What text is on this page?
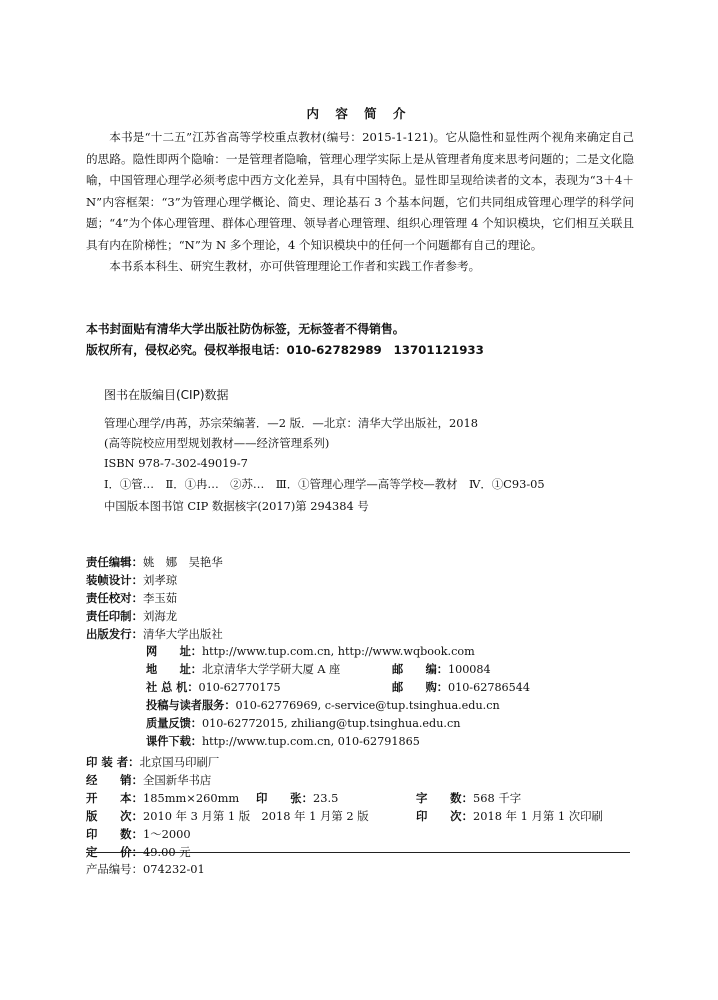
内 容 简 介

本书是“十二五”江苏省高等学校重点教材(编号：2015-1-121)。它从隐性和显性两个视角来确定自己的思路。隐性即两个隐喻：一是管理者隐喻，管理心理学实际上是从管理者角度来思考问题的；二是文化隐喻，中国管理心理学必须考虑中西方文化差异，具有中国特色。显性即呈现给读者的文本，表现为“3＋4＋N”内容框架：“3”为管理心理学概论、简史、理论基石 3 个基本问题，它们共同组成管理心理学的科学问题；“4”为个体心理管理、群体心理管理、领导者心理管理、组织心理管理 4 个知识模块，它们相互关联且具有内在阶梯性；“N”为 N 多个理论，4 个知识模块中的任何一个问题都有自己的理论。

本书系本科生、研究生教材，亦可供管理理论工作者和实践工作者参考。

本书封面贴有清华大学出版社防伪标签，无标签者不得销售。
版权所有，侵权必究。侵权举报电话：010-62782989　13701121933
图书在版编目(CIP)数据
管理心理学/冉苒，苏宗荣编著．—2 版．—北京：清华大学出版社，2018
(高等院校应用型规划教材——经济管理系列)
ISBN 978-7-302-49019-7
Ⅰ．①管…　Ⅱ．①冉…　②苏…　Ⅲ．①管理心理学—高等学校—教材　Ⅳ．①C93-05
中国版本图书馆 CIP 数据核字(2017)第 294384 号
责任编辑：姚　娜　吴艳华
装帧设计：刘孝琼
责任校对：李玉茹
责任印制：刘海龙
出版发行：清华大学出版社
网　　址：http://www.tup.com.cn, http://www.wqbook.com
地　　址：北京清华大学学研大厦 A 座	邮　　编：100084
社 总 机：010-62770175	邮　　购：010-62786544
投稿与读者服务：010-62776969, c-service@tup.tsinghua.edu.cn
质量反馈：010-62772015, zhiliang@tup.tsinghua.edu.cn
课件下载：http://www.tup.com.cn, 010-62791865
印 装 者：北京国马印刷厂
经　　销：全国新华书店
开　　本：185mm×260mm 印　　张：23.5	字　　数：568 千字
版　　次：2010 年 3 月第 1 版　2018 年 1 月第 2 版	印　　次：2018 年 1 月第 1 次印刷
印　　数：1～2000
定　　价：49.00 元
产品编号：074232-01
